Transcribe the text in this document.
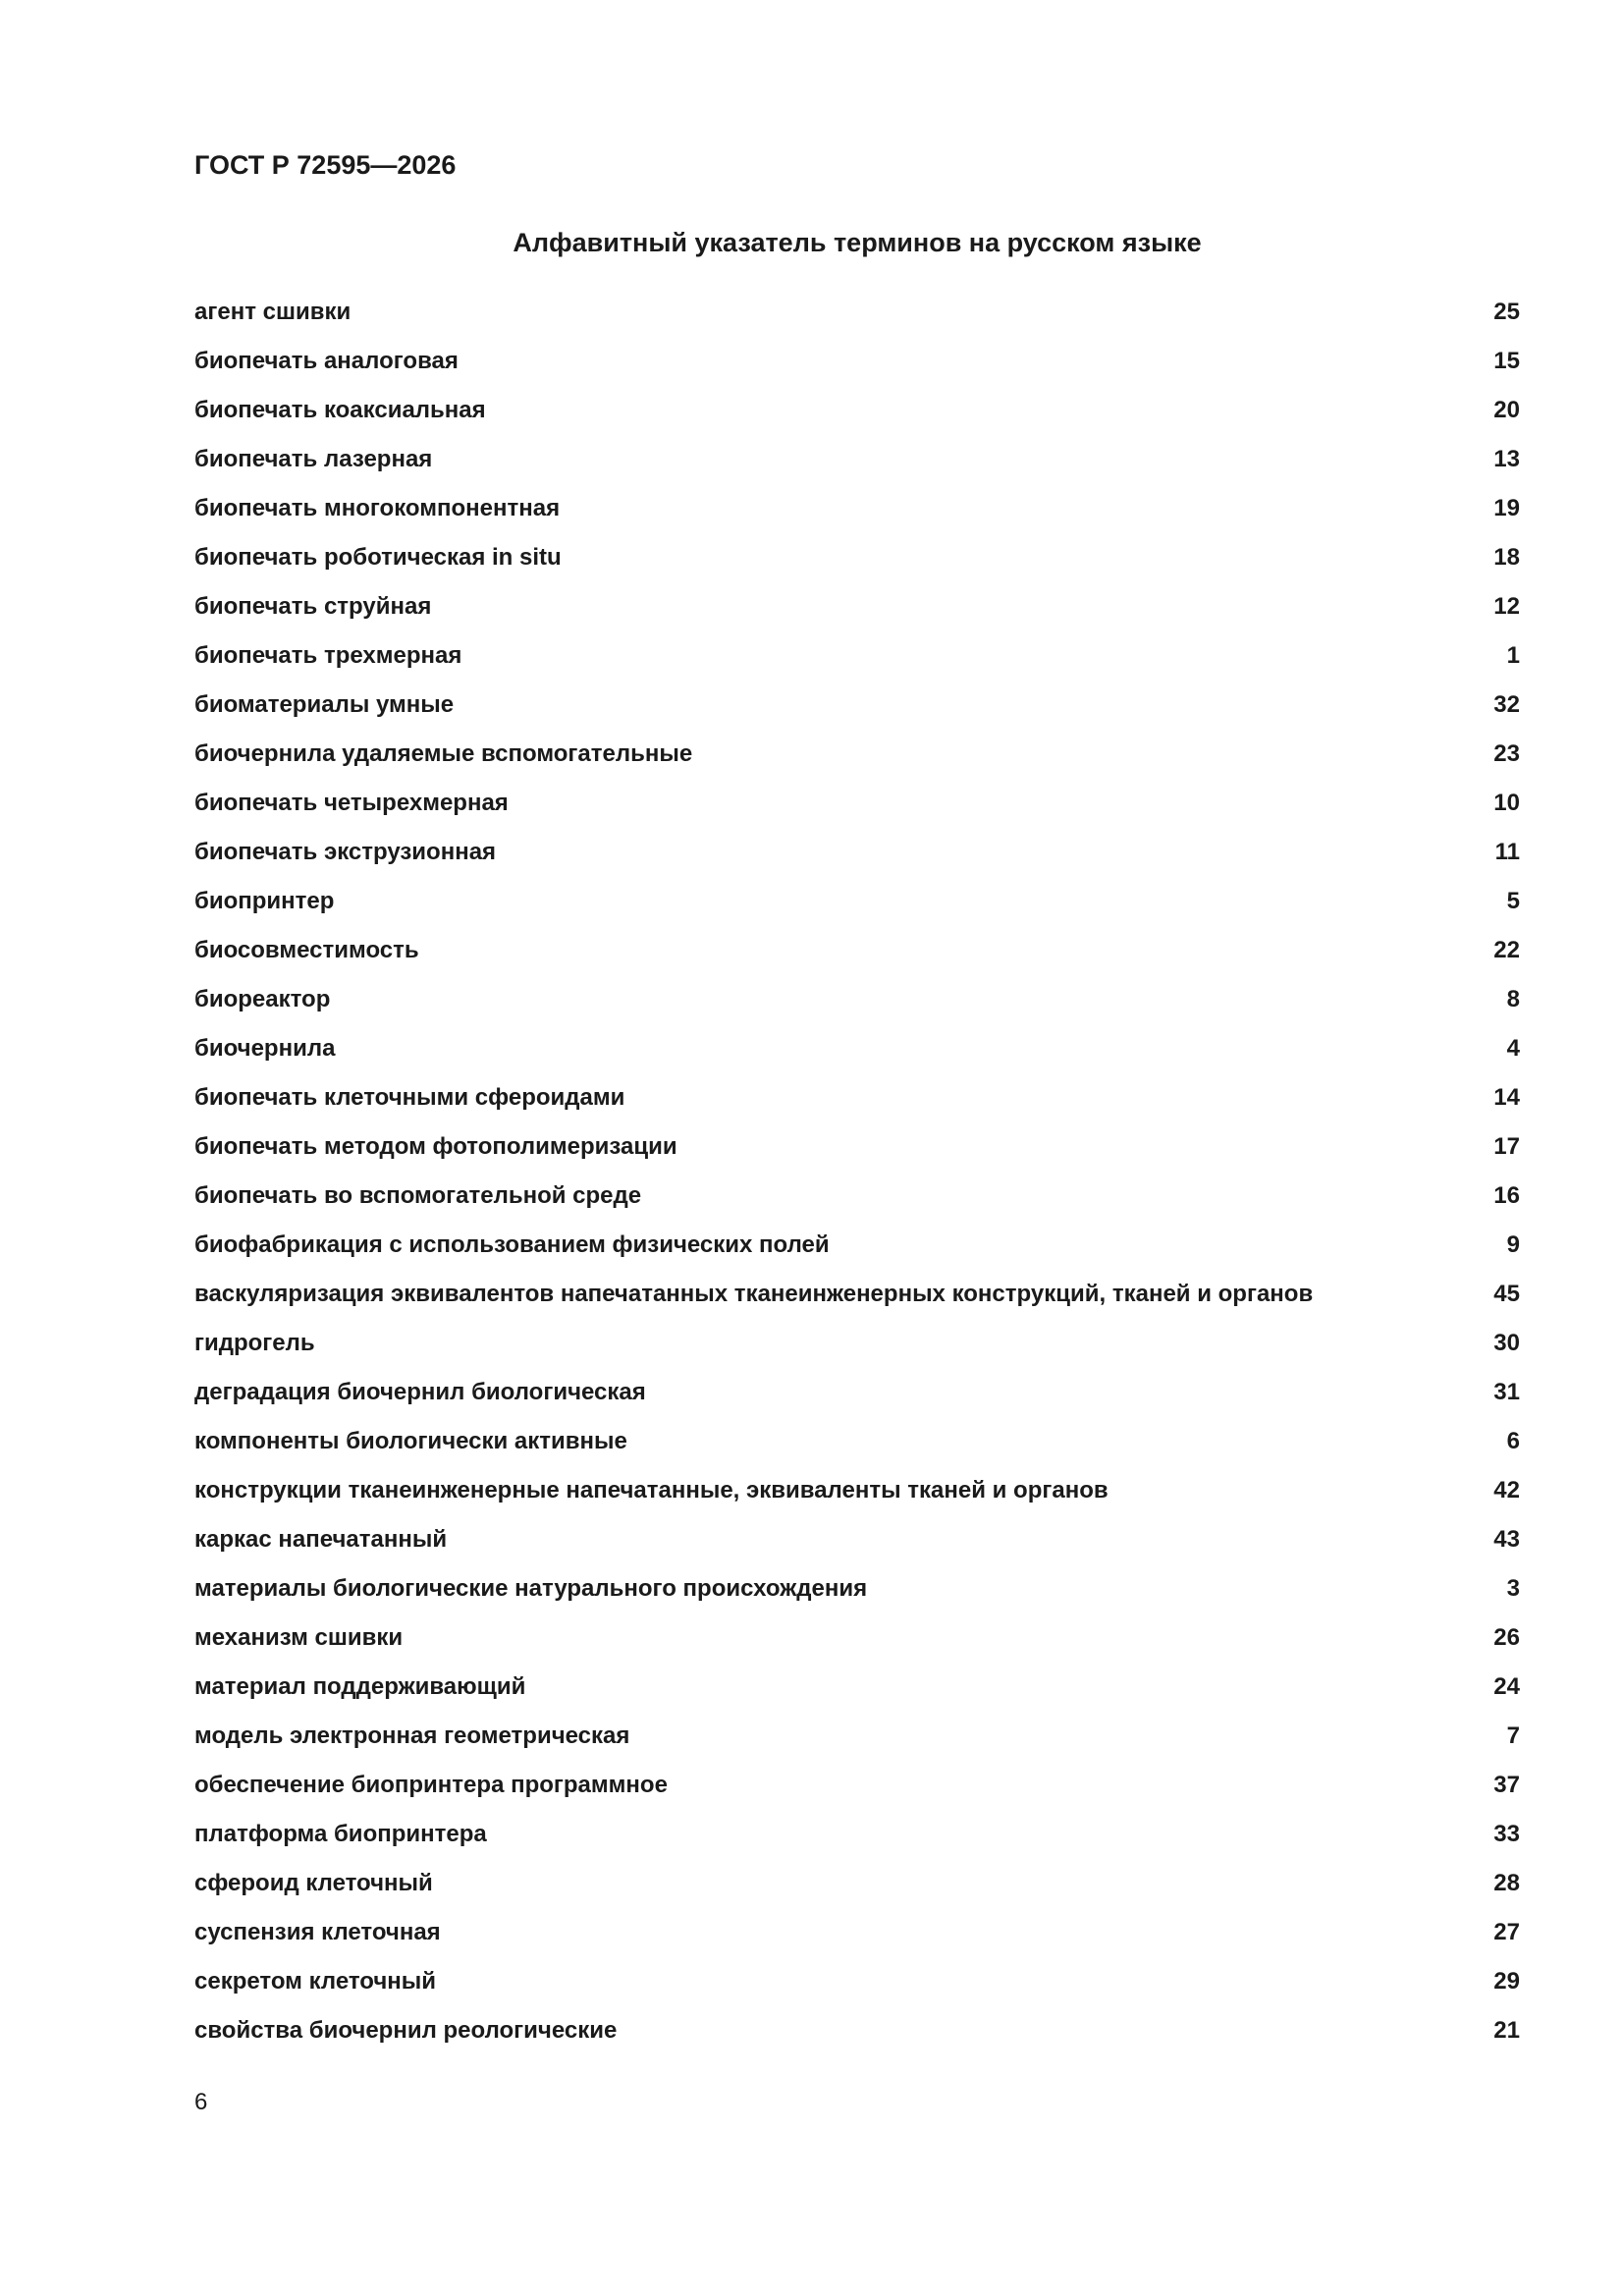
ГОСТ Р 72595—2026
Алфавитный указатель терминов на русском языке
агент сшивки	25
биопечать аналоговая	15
биопечать коаксиальная	20
биопечать лазерная	13
биопечать многокомпонентная	19
биопечать роботическая in situ	18
биопечать струйная	12
биопечать трехмерная	1
биоматериалы умные	32
биочернила удаляемые вспомогательные	23
биопечать четырехмерная	10
биопечать экструзионная	11
биопринтер	5
биосовместимость	22
биореактор	8
биочернила	4
биопечать клеточными сфероидами	14
биопечать методом фотополимеризации	17
биопечать во вспомогательной среде	16
биофабрикация с использованием физических полей	9
васкуляризация эквивалентов напечатанных тканеинженерных конструкций, тканей и органов	45
гидрогель	30
деградация биочернил биологическая	31
компоненты биологически активные	6
конструкции тканеинженерные напечатанные, эквиваленты тканей и органов	42
каркас напечатанный	43
материалы биологические натурального происхождения	3
механизм сшивки	26
материал поддерживающий	24
модель электронная геометрическая	7
обеспечение биопринтера программное	37
платформа биопринтера	33
сфероид клеточный	28
суспензия клеточная	27
секретом клеточный	29
свойства биочернил реологические	21
6
